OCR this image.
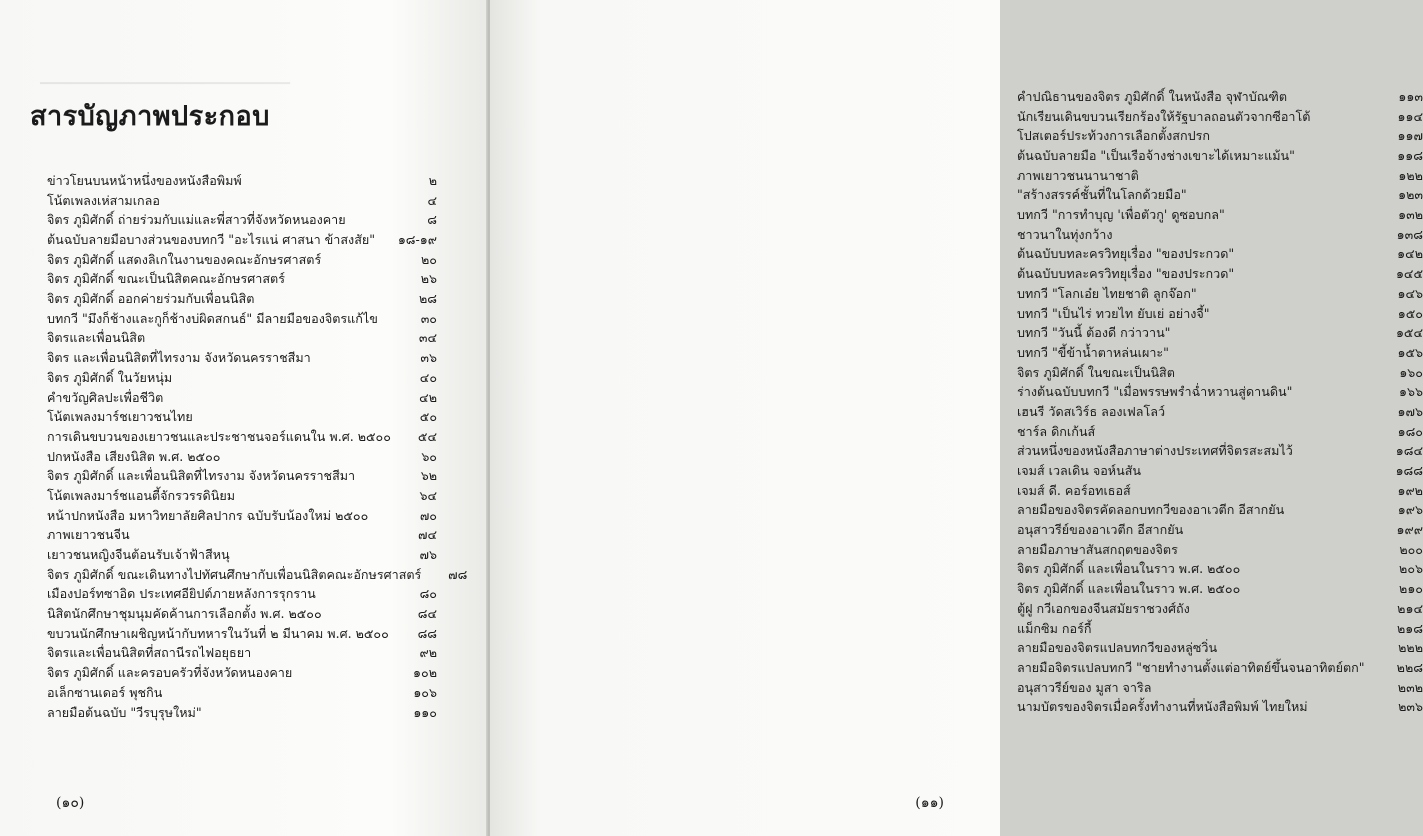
▁▁▁▁▁▁▁▁▁▁▁▁▁▁▁▁▁▁▁▁▁▁▁▁▁
สารบัญภาพประกอบ
ข่าวโยนบนหน้าหนึ่งของหนังสือพิมพ์	๒
โน้ตเพลงเห่สามเกลอ	๔
จิตร ภูมิศักดิ์ ถ่ายร่วมกับแม่และพี่สาวที่จังหวัดหนองคาย	๘
ต้นฉบับลายมือบางส่วนของบทกวี "อะไรแน่ ศาสนา ข้าสงสัย"	๑๘-๑๙
จิตร ภูมิศักดิ์ แสดงลิเกในงานของคณะอักษรศาสตร์	๒๐
จิตร ภูมิศักดิ์ ขณะเป็นนิสิตคณะอักษรศาสตร์	๒๖
จิตร ภูมิศักดิ์ ออกค่ายร่วมกับเพื่อนนิสิต	๒๘
บทกวี "มึงก็ช้างและกูก็ช้างบ่ผิดสกนธ์" มีลายมือของจิตรแก้ไข	๓๐
จิตรและเพื่อนนิสิต	๓๔
จิตร และเพื่อนนิสิตที่ไทรงาม จังหวัดนครราชสีมา	๓๖
จิตร ภูมิศักดิ์ ในวัยหนุ่ม	๔๐
คำขวัญศิลปะเพื่อชีวิต	๔๒
โน้ตเพลงมาร์ชเยาวชนไทย	๕๐
การเดินขบวนของเยาวชนและประชาชนจอร์แดนใน พ.ศ. ๒๕๐๐	๕๔
ปกหนังสือ เสียงนิสิต พ.ศ. ๒๕๐๐	๖๐
จิตร ภูมิศักดิ์ และเพื่อนนิสิตที่ไทรงาม จังหวัดนครราชสีมา	๖๒
โน้ตเพลงมาร์ชแอนตี้จักรวรรดินิยม	๖๔
หน้าปกหนังสือ มหาวิทยาลัยศิลปากร ฉบับรับน้องใหม่ ๒๕๐๐	๗๐
ภาพเยาวชนจีน	๗๔
เยาวชนหญิงจีนต้อนรับเจ้าฟ้าสีหนุ	๗๖
จิตร ภูมิศักดิ์ ขณะเดินทางไปทัศนศึกษากับเพื่อนนิสิตคณะอักษรศาสตร์	๗๘
เมืองปอร์ทซาอิด ประเทศอียิปต์ภายหลังการรุกราน	๘๐
นิสิตนักศึกษาชุมนุมคัดค้านการเลือกตั้ง พ.ศ. ๒๕๐๐	๘๔
ขบวนนักศึกษาเผชิญหน้ากับทหารในวันที่ ๒ มีนาคม พ.ศ. ๒๕๐๐	๘๘
จิตรและเพื่อนนิสิตที่สถานีรถไฟอยุธยา	๙๒
จิตร ภูมิศักดิ์ และครอบครัวที่จังหวัดหนองคาย	๑๐๒
อเล็กซานเดอร์ พุชกิน	๑๐๖
ลายมือต้นฉบับ "วีรบุรุษใหม่"	๑๑๐
(๑๐)
คำปณิธานของจิตร ภูมิศักดิ์ ในหนังสือ จุฬาบัณฑิต	๑๑๓
นักเรียนเดินขบวนเรียกร้องให้รัฐบาลถอนตัวจากซีอาโต้	๑๑๔
โปสเตอร์ประท้วงการเลือกตั้งสกปรก	๑๑๗
ต้นฉบับลายมือ "เป็นเรือจ้างช่างเขาะได้เหมาะแม้น"	๑๑๘
ภาพเยาวชนนานาชาติ	๑๒๒
"สร้างสรรค์ชั้นที่ในโลกด้วยมือ"	๑๒๓
บทกวี "การทำบุญ 'เพื่อตัวกู' ดูซอบกล"	๑๓๒
ชาวนาในทุ่งกว้าง	๑๓๘
ต้นฉบับบทละครวิทยุเรื่อง "ของประกวด"	๑๔๒
ต้นฉบับบทละครวิทยุเรื่อง "ของประกวด"	๑๔๕
บทกวี "โลกเอ๋ย ไทยชาติ ลูกจ๊อก"	๑๔๖
บทกวี "เป็นไร่ ทวยไท ยับเย่ อย่างจี้"	๑๕๐
บทกวี "วันนี้ ต้องดี กว่าวาน"	๑๕๔
บทกวี "ขี้ข้าน้ำตาหล่นเผาะ"	๑๕๖
จิตร ภูมิศักดิ์ ในขณะเป็นนิสิต	๑๖๐
ร่างต้นฉบับบทกวี "เมื่อพรรษพรำฉ่ำหวานสู่ดานดิน"	๑๖๖
เฮนรี วัดสเวิร์ธ ลองเฟลโลว์	๑๗๖
ชาร์ล ดิกเก้นส์	๑๘๐
ส่วนหนึ่งของหนังสือภาษาต่างประเทศที่จิตรสะสมไว้	๑๘๔
เจมส์ เวลเดิน จอห์นสัน	๑๘๘
เจมส์ ดี. คอร์อทเธอส์	๑๙๒
ลายมือของจิตรคัดลอกบทกวีของอาเวตีก อีสากยัน	๑๙๖
อนุสาวรีย์ของอาเวตีก อีสากยัน	๑๙๙
ลายมือภาษาสันสกฤตของจิตร	๒๐๐
จิตร ภูมิศักดิ์ และเพื่อนในราว พ.ศ. ๒๕๐๐	๒๐๖
จิตร ภูมิศักดิ์ และเพื่อนในราว พ.ศ. ๒๕๐๐	๒๑๐
ตู้ฝู กวีเอกของจีนสมัยราชวงศ์ถัง	๒๑๔
แม็กซิม กอร์กี้	๒๑๘
ลายมือของจิตรแปลบทกวีของหลู่ซวิ่น	๒๒๒
ลายมือจิตรแปลบทกวี "ชายทำงานตั้งแต่อาทิตย์ขึ้นจนอาทิตย์ตก"	๒๒๘
อนุสาวรีย์ของ มูสา จาริล	๒๓๒
นามบัตรของจิตรเมื่อครั้งทำงานที่หนังสือพิมพ์ ไทยใหม่	๒๓๖
(๑๑)
